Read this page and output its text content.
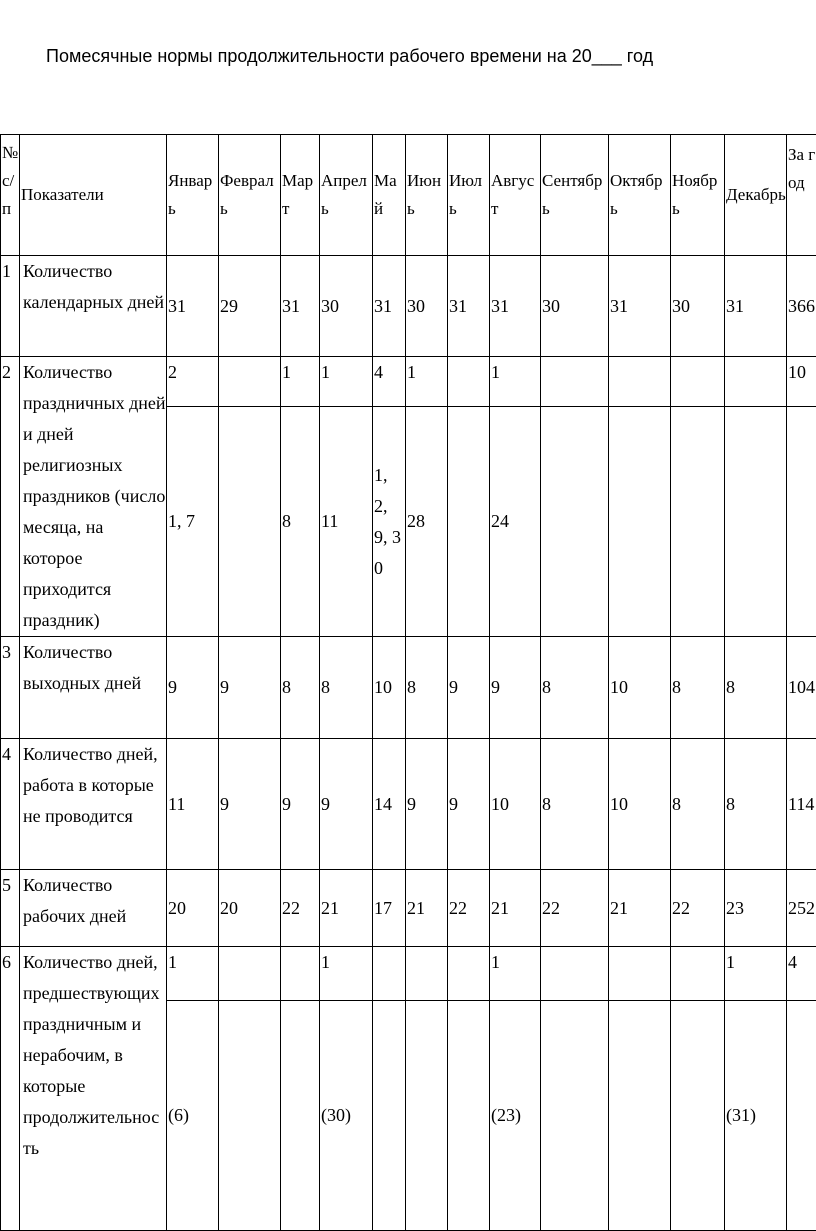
Помесячные нормы продолжительности рабочего времени на 20___ год
№ с/п	Показатели	Январь	Февраль	Март	Апрель	Май	Июнь	Июль	Август	Сентябрь	Октябрь	Ноябрь	Декабрь	За год
1	Количество календарных дней	31	29	31	30	31	30	31	31	30	31	30	31	366
2	Количество праздничных дней и дней религиозных праздников (число месяца, на которое приходится праздник)	2		1	1	4	1		1					10
		1, 7		8	11	1, 2, 9, 30	28		24					
3	Количество выходных дней	9	9	8	8	10	8	9	9	8	10	8	8	104
4	Количество дней, работа в которые не проводится	11	9	9	9	14	9	9	10	8	10	8	8	114
5	Количество рабочих дней	20	20	22	21	17	21	22	21	22	21	22	23	252
6	Количество дней, предшествующих праздничным и нерабочим, в которые продолжительность	1			1				1				1	4
		(6)			(30)				(23)				(31)	
